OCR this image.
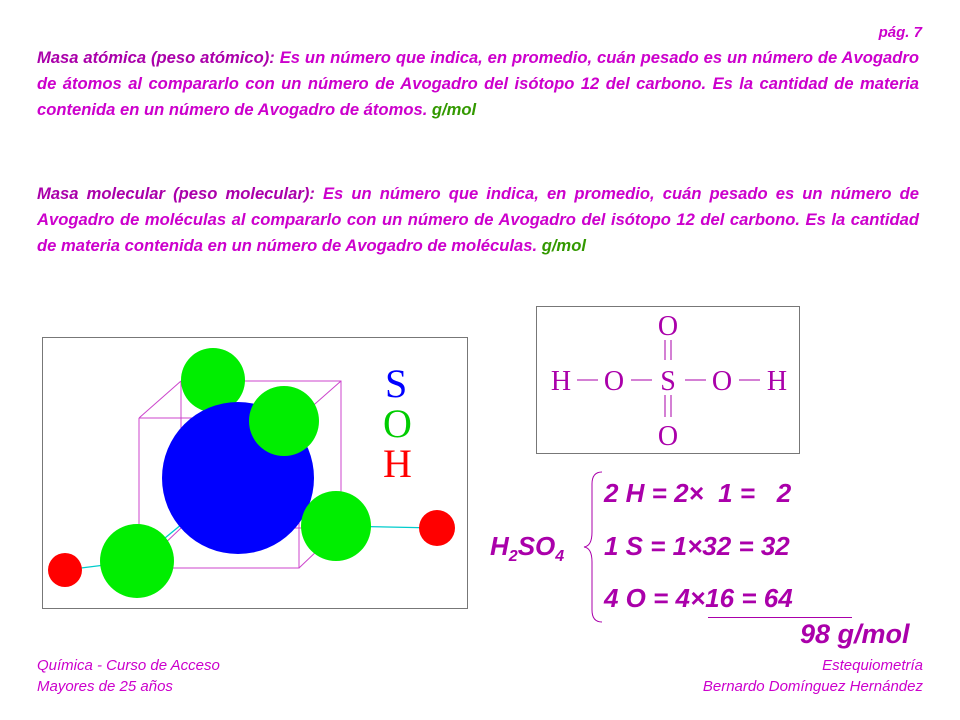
pág. 7

Masa atómica (peso atómico): Es un número que indica, en promedio, cuán pesado es un número de Avogadro de átomos al compararlo con un número de Avogadro del isótopo 12 del carbono. Es la cantidad de materia contenida en un número de Avogadro de átomos. g/mol

Masa molecular (peso molecular): Es un número que indica, en promedio, cuán pesado es un número de Avogadro de moléculas al compararlo con un número de Avogadro del isótopo 12 del carbono. Es la cantidad de materia contenida en un número de Avogadro de moléculas. g/mol

S
O
H
O
H O S O H
O
$H_2SO_4$
2 H = 2×  1 =   2
1 S = 1×32 = 32
4 O = 4×16 = 64
98 g/mol
Química - Curso de Acceso
Mayores de 25 años
Estequiometría
Bernardo Domínguez Hernández
